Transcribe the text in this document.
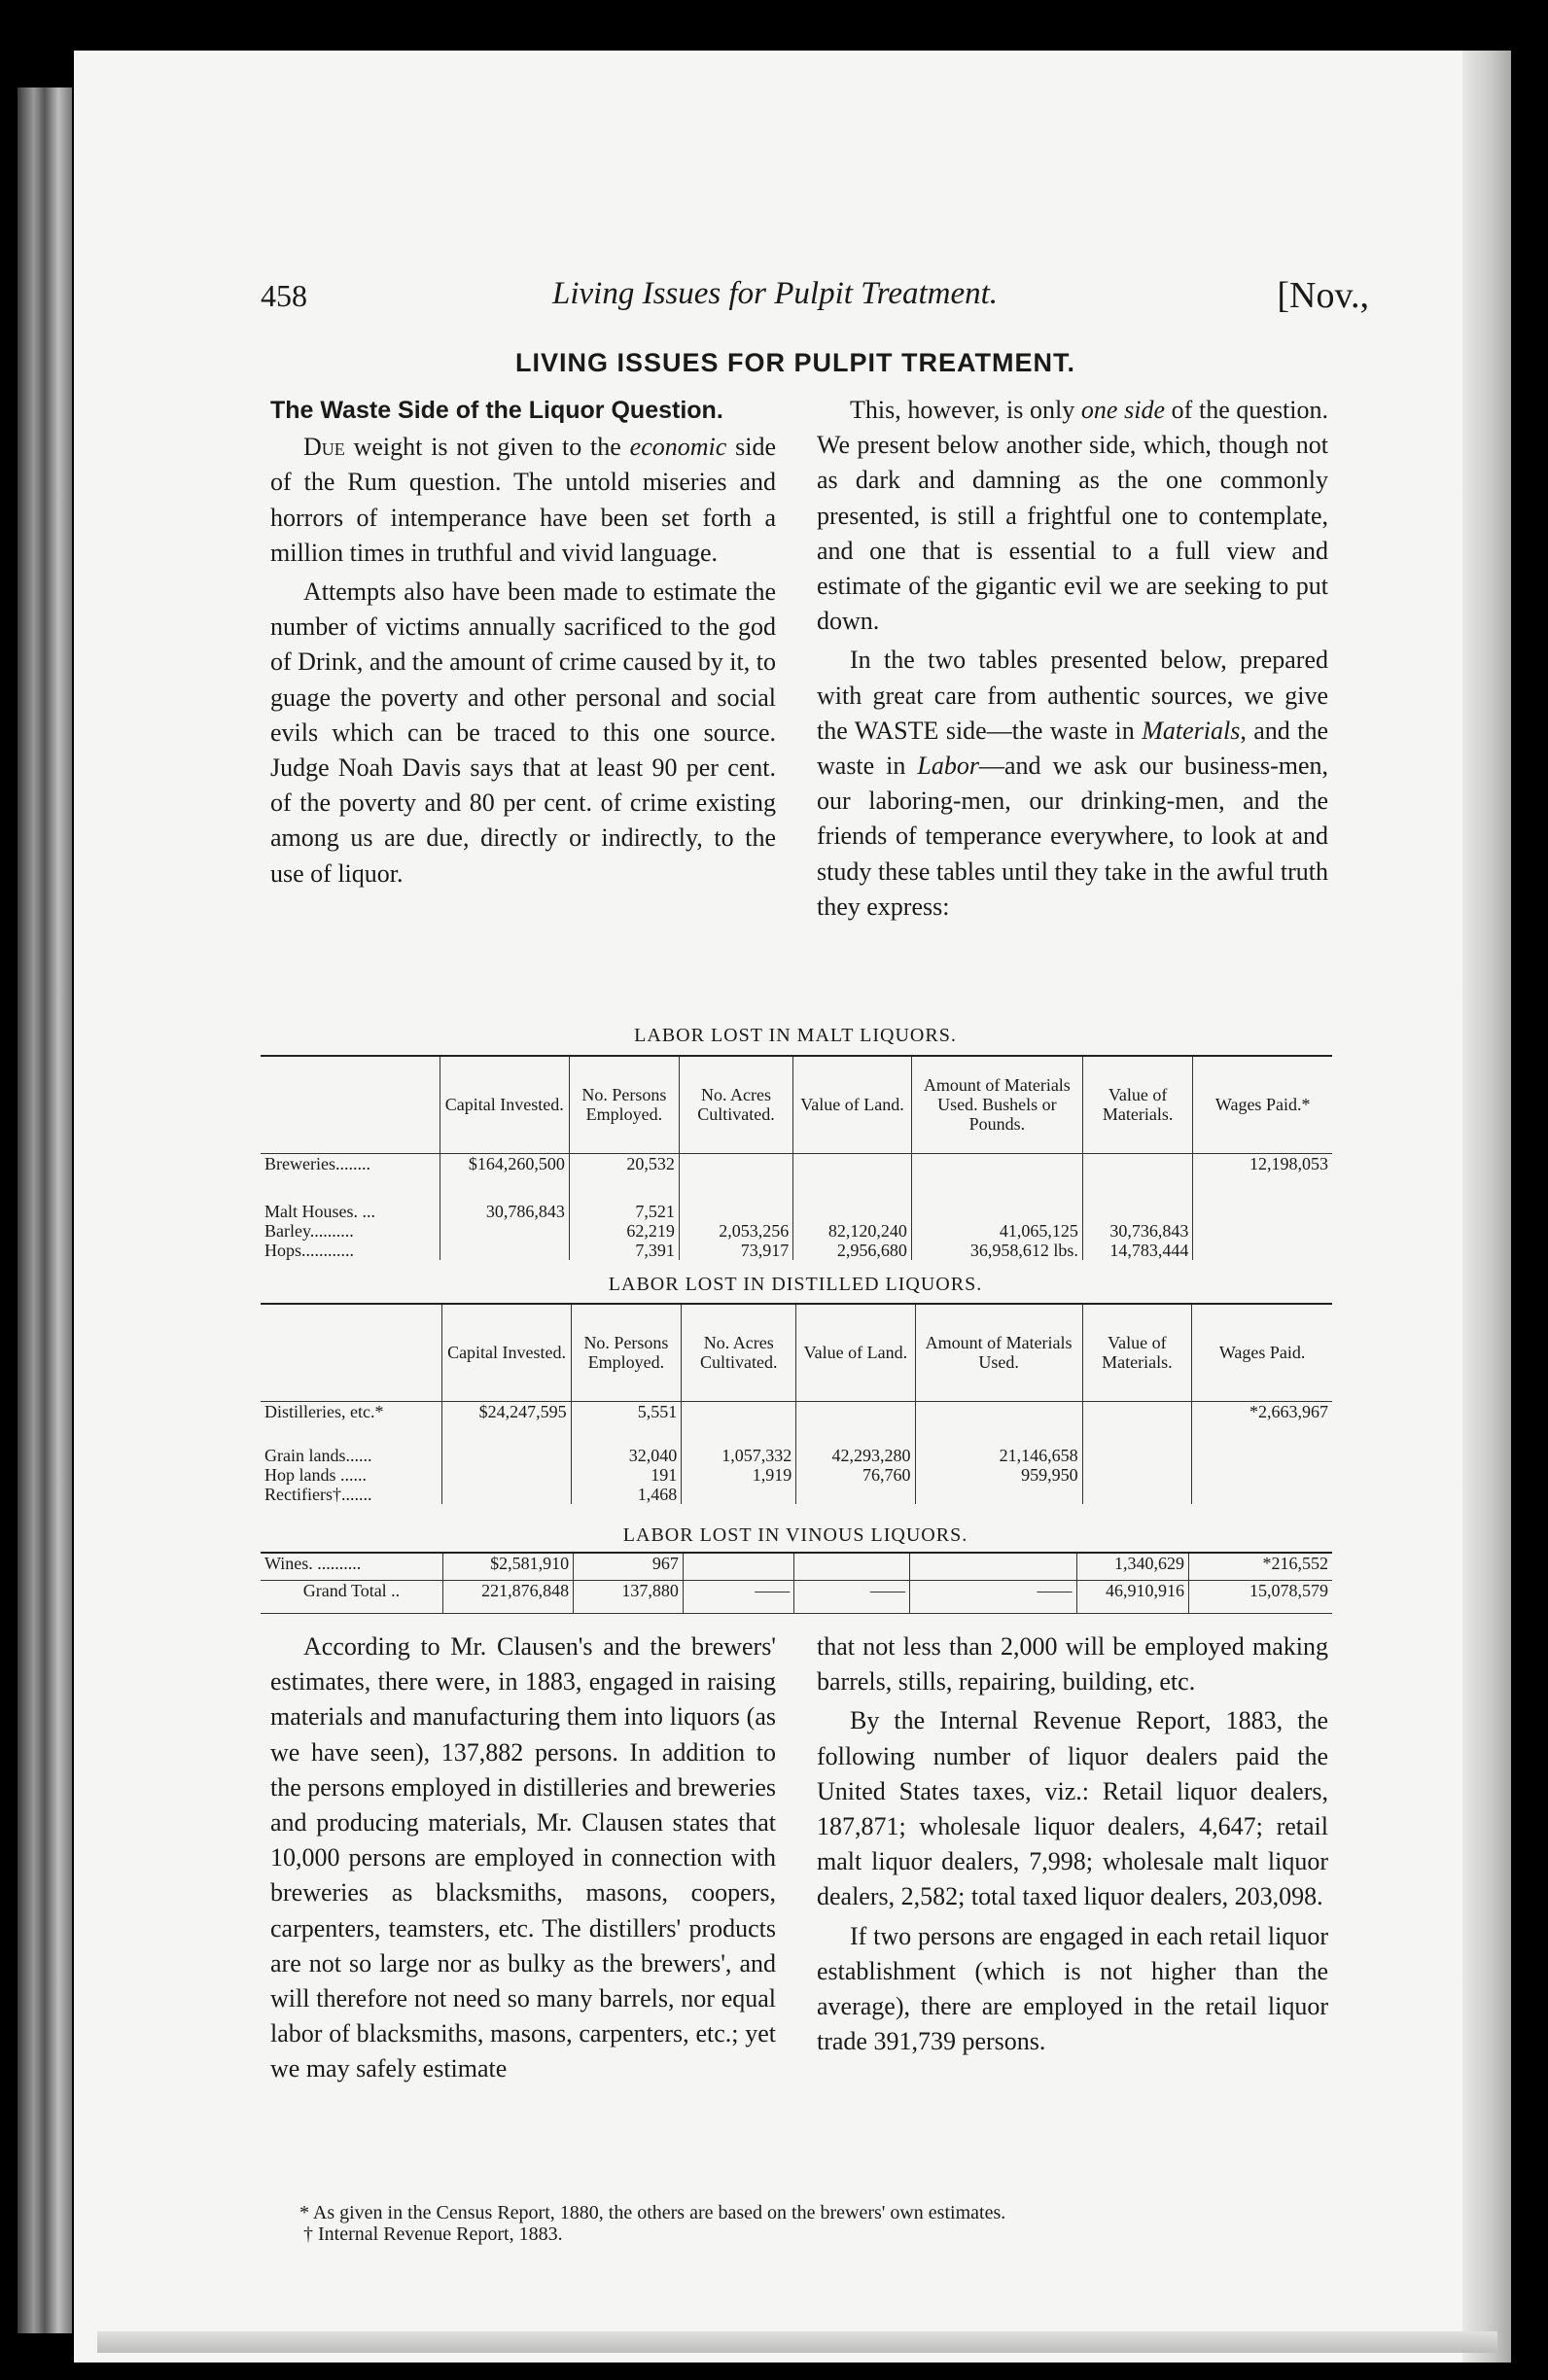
458	Living Issues for Pulpit Treatment.	[Nov.,
LIVING ISSUES FOR PULPIT TREATMENT.
The Waste Side of the Liquor Question.

Due weight is not given to the economic side of the Rum question. The untold miseries and horrors of intemperance have been set forth a million times in truthful and vivid language.

Attempts also have been made to estimate the number of victims annually sacrificed to the god of Drink, and the amount of crime caused by it, to guage the poverty and other personal and social evils which can be traced to this one source. Judge Noah Davis says that at least 90 per cent. of the poverty and 80 per cent. of crime existing among us are due, directly or indirectly, to the use of liquor.

This, however, is only one side of the question. We present below another side, which, though not as dark and damning as the one commonly presented, is still a frightful one to contemplate, and one that is essential to a full view and estimate of the gigantic evil we are seeking to put down.

In the two tables presented below, prepared with great care from authentic sources, we give the WASTE side—the waste in Materials, and the waste in Labor—and we ask our business-men, our laboring-men, our drinking-men, and the friends of temperance everywhere, to look at and study these tables until they take in the awful truth they express:

LABOR LOST IN MALT LIQUORS.
	Capital Invested.	No. Persons Employed.	No. Acres Cultivated.	Value of Land.	Amount of Materials Used. Bushels or Pounds.	Value of Materials.	Wages Paid.*
Breweries........	$164,260,500	20,532					12,198,053
Malt Houses. ...	30,786,843	7,521					
Barley..........		62,219	2,053,256	82,120,240	41,065,125	30,736,843	
Hops............		7,391	73,917	2,956,680	36,958,612 lbs.	14,783,444	
LABOR LOST IN DISTILLED LIQUORS.
	Capital Invested.	No. Persons Employed.	No. Acres Cultivated.	Value of Land.	Amount of Materials Used.	Value of Materials.	Wages Paid.
Distilleries, etc.*	$24,247,595	5,551					*2,663,967
Grain lands......		32,040	1,057,332	42,293,280	21,146,658		
Hop lands ......		191	1,919	76,760	959,950		
Rectifiers†.......		1,468					
LABOR LOST IN VINOUS LIQUORS.
Wines. ..........	$2,581,910	967				1,340,629	*216,552
Grand Total ..	221,876,848	137,880	——	——	——	46,910,916	15,078,579

According to Mr. Clausen's and the brewers' estimates, there were, in 1883, engaged in raising materials and manufacturing them into liquors (as we have seen), 137,882 persons. In addition to the persons employed in distilleries and breweries and producing materials, Mr. Clausen states that 10,000 persons are employed in connection with breweries as blacksmiths, masons, coopers, carpenters, teamsters, etc. The distillers' products are not so large nor as bulky as the brewers', and will therefore not need so many barrels, nor equal labor of blacksmiths, masons, carpenters, etc.; yet we may safely estimate

that not less than 2,000 will be employed making barrels, stills, repairing, building, etc.

By the Internal Revenue Report, 1883, the following number of liquor dealers paid the United States taxes, viz.: Retail liquor dealers, 187,871; wholesale liquor dealers, 4,647; retail malt liquor dealers, 7,998; wholesale malt liquor dealers, 2,582; total taxed liquor dealers, 203,098.

If two persons are engaged in each retail liquor establishment (which is not higher than the average), there are employed in the retail liquor trade 391,739 persons.

* As given in the Census Report, 1880, the others are based on the brewers' own estimates.
† Internal Revenue Report, 1883.
